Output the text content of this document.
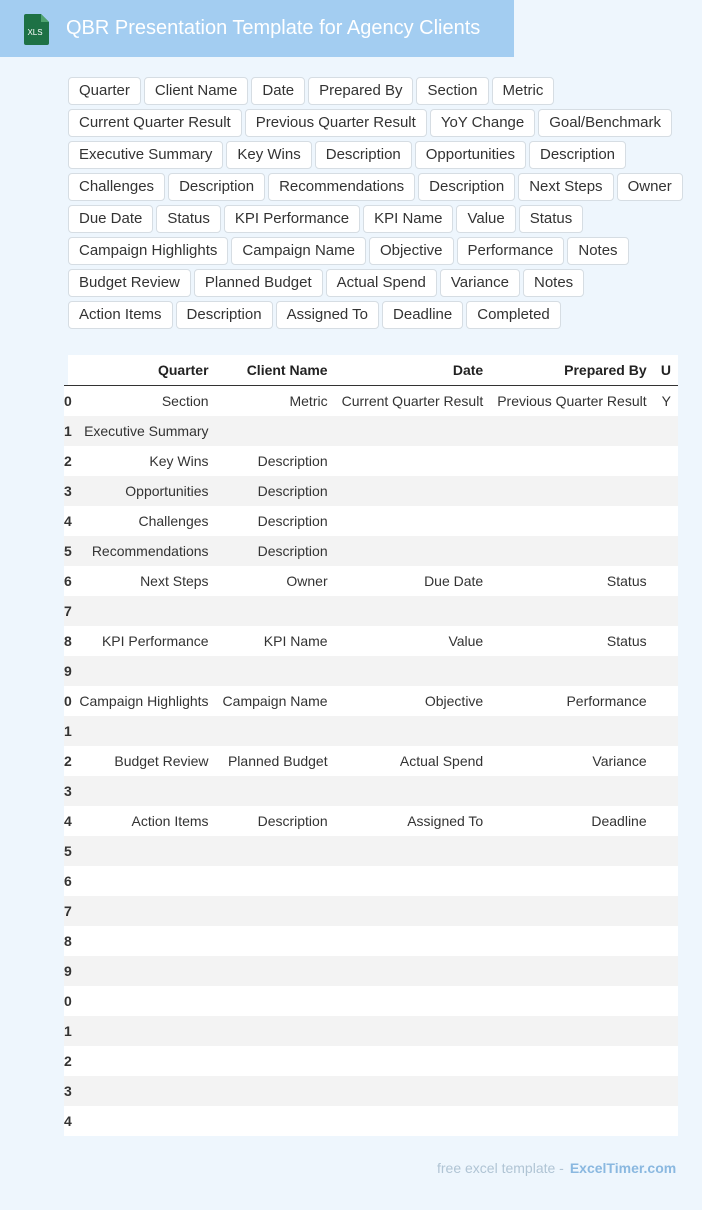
XLS QBR Presentation Template for Agency Clients
Quarter	Client Name	Date	Prepared By	Section	Metric
Current Quarter Result	Previous Quarter Result	YoY Change	Goal/Benchmark
Executive Summary	Key Wins	Description	Opportunities	Description
Challenges	Description	Recommendations	Description	Next Steps	Owner
Due Date	Status	KPI Performance	KPI Name	Value	Status
Campaign Highlights	Campaign Name	Objective	Performance	Notes
Budget Review	Planned Budget	Actual Spend	Variance	Notes
Action Items	Description	Assigned To	Deadline	Completed
	Quarter	Client Name	Date	Prepared By	U
0	Section	Metric	Current Quarter Result	Previous Quarter Result	Y
1	Executive Summary				
2	Key Wins	Description			
3	Opportunities	Description			
4	Challenges	Description			
5	Recommendations	Description			
6	Next Steps	Owner	Due Date	Status	
7					
8	KPI Performance	KPI Name	Value	Status	
9					
0	Campaign Highlights	Campaign Name	Objective	Performance	
1					
2	Budget Review	Planned Budget	Actual Spend	Variance	
3					
4	Action Items	Description	Assigned To	Deadline	
5					
6					
7					
8					
9					
0					
1					
2					
3					
4					
free excel template - ExcelTimer.com
